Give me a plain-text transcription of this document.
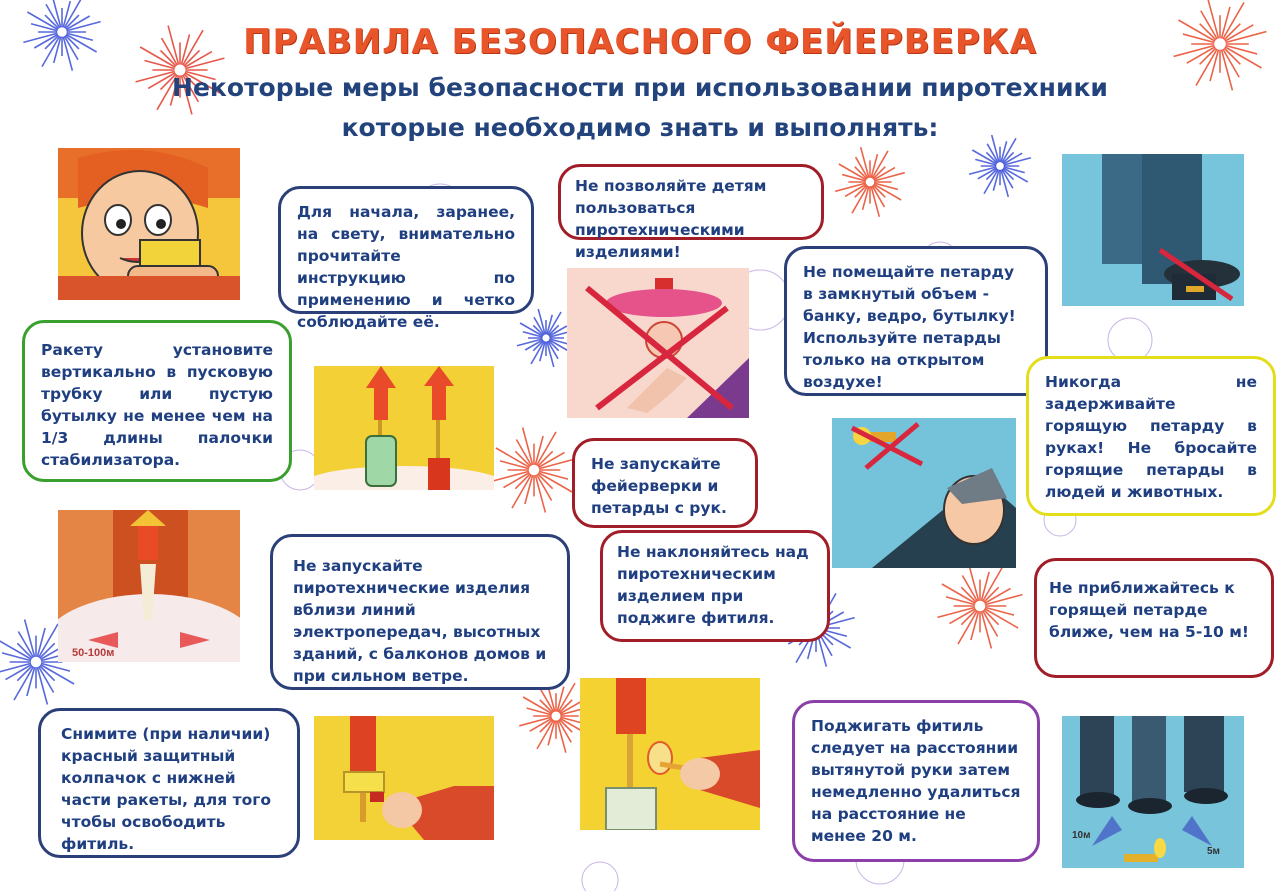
ПРАВИЛА БЕЗОПАСНОГО ФЕЙЕРВЕРКА
Некоторые меры безопасности при использовании пиротехники
которые необходимо знать и выполнять:
Для начала, заранее, на свету, внимательно прочитайте инструкцию по применению и четко соблюдайте её.
Ракету установите вертикально в пусковую трубку или пустую бутылку не менее чем на 1/3 длины палочки стабилизатора.
Не позволяйте детям пользоваться пиротехническими изделиями!
Не запускайте фейерверки и петарды с рук.
Не помещайте петарду в замкнутый объем - банку, ведро, бутылку! Используйте петарды только на открытом воздухе!	Никогда не задерживайте горящую петарду в руках! Не бросайте горящие петарды в людей и животных.
50-100м
Не запускайте пиротехнические изделия вблизи линий электропередач, высотных зданий, с балконов домов и при сильном ветре.
Не наклоняйтесь над пиротехническим изделием при поджиге фитиля.
Не приближайтесь к горящей петарде ближе, чем на 5-10 м!
Поджигать фитиль следует на расстоянии вытянутой руки затем немедленно удалиться на расстояние не менее 20 м.
Снимите (при наличии) красный защитный колпачок с нижней части ракеты, для того чтобы освободить фитиль.	10м
5м
